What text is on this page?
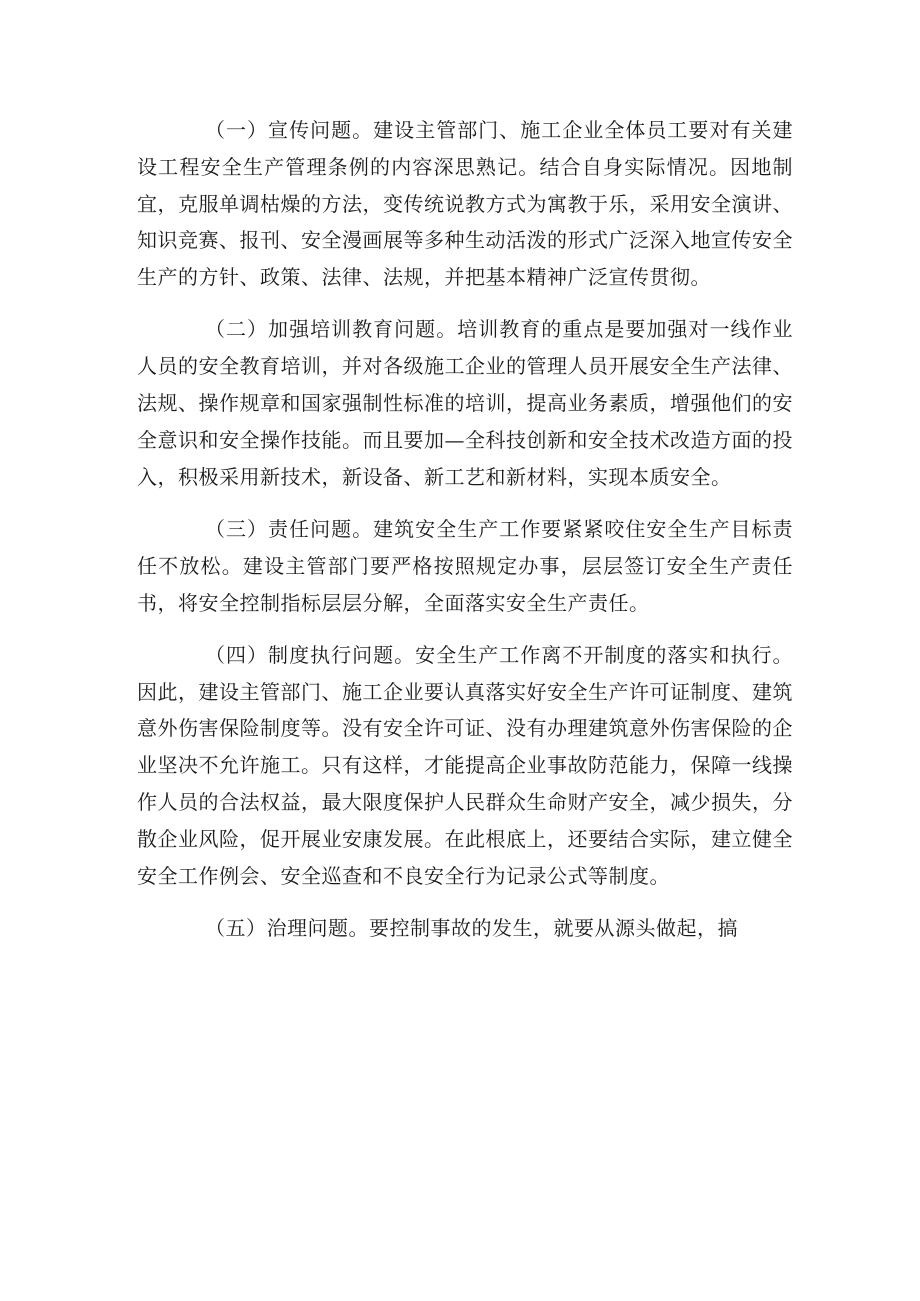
（一）宣传问题。建设主管部门、施工企业全体员工要对有关建设工程安全生产管理条例的内容深思熟记。结合自身实际情况。因地制宜，克服单调枯燥的方法，变传统说教方式为寓教于乐，采用安全演讲、知识竞赛、报刊、安全漫画展等多种生动活泼的形式广泛深入地宣传安全生产的方针、政策、法律、法规，并把基本精神广泛宣传贯彻。

（二）加强培训教育问题。培训教育的重点是要加强对一线作业人员的安全教育培训，并对各级施工企业的管理人员开展安全生产法律、法规、操作规章和国家强制性标准的培训，提高业务素质，增强他们的安全意识和安全操作技能。而且要加—全科技创新和安全技术改造方面的投入，积极采用新技术，新设备、新工艺和新材料，实现本质安全。

（三）责任问题。建筑安全生产工作要紧紧咬住安全生产目标责任不放松。建设主管部门要严格按照规定办事，层层签订安全生产责任书，将安全控制指标层层分解，全面落实安全生产责任。

（四）制度执行问题。安全生产工作离不开制度的落实和执行。因此，建设主管部门、施工企业要认真落实好安全生产许可证制度、建筑意外伤害保险制度等。没有安全许可证、没有办理建筑意外伤害保险的企业坚决不允许施工。只有这样，才能提高企业事故防范能力，保障一线操作人员的合法权益，最大限度保护人民群众生命财产安全，减少损失，分散企业风险，促开展业安康发展。在此根底上，还要结合实际，建立健全安全工作例会、安全巡查和不良安全行为记录公式等制度。

（五）治理问题。要控制事故的发生，就要从源头做起，搞
